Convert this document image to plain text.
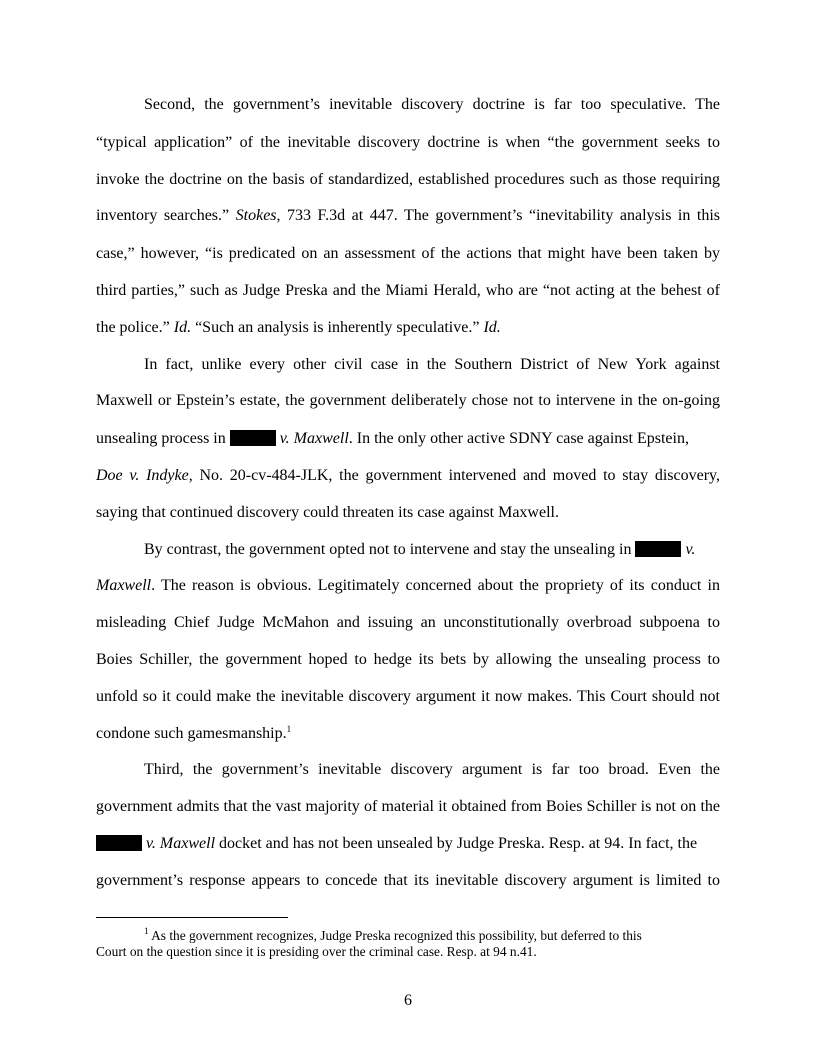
Second, the government’s inevitable discovery doctrine is far too speculative. The
“typical application” of the inevitable discovery doctrine is when “the government seeks to
invoke the doctrine on the basis of standardized, established procedures such as those requiring
inventory searches.” Stokes, 733 F.3d at 447. The government’s “inevitability analysis in this
case,” however, “is predicated on an assessment of the actions that might have been taken by
third parties,” such as Judge Preska and the Miami Herald, who are “not acting at the behest of
the police.” Id. “Such an analysis is inherently speculative.” Id.
In fact, unlike every other civil case in the Southern District of New York against
Maxwell or Epstein’s estate, the government deliberately chose not to intervene in the on-going
unsealing process in	v. Maxwell. In the only other active SDNY case against Epstein,
Doe v. Indyke, No. 20-cv-484-JLK, the government intervened and moved to stay discovery,
saying that continued discovery could threaten its case against Maxwell.
By contrast, the government opted not to intervene and stay the unsealing in	v.
Maxwell. The reason is obvious. Legitimately concerned about the propriety of its conduct in
misleading Chief Judge McMahon and issuing an unconstitutionally overbroad subpoena to
Boies Schiller, the government hoped to hedge its bets by allowing the unsealing process to
unfold so it could make the inevitable discovery argument it now makes. This Court should not
condone such gamesmanship.$^1$
Third, the government’s inevitable discovery argument is far too broad. Even the
government admits that the vast majority of material it obtained from Boies Schiller is not on the
v. Maxwell docket and has not been unsealed by Judge Preska. Resp. at 94. In fact, the
government’s response appears to concede that its inevitable discovery argument is limited to
$^1$ As the government recognizes, Judge Preska recognized this possibility, but deferred to this
Court on the question since it is presiding over the criminal case. Resp. at 94 n.41.
6
